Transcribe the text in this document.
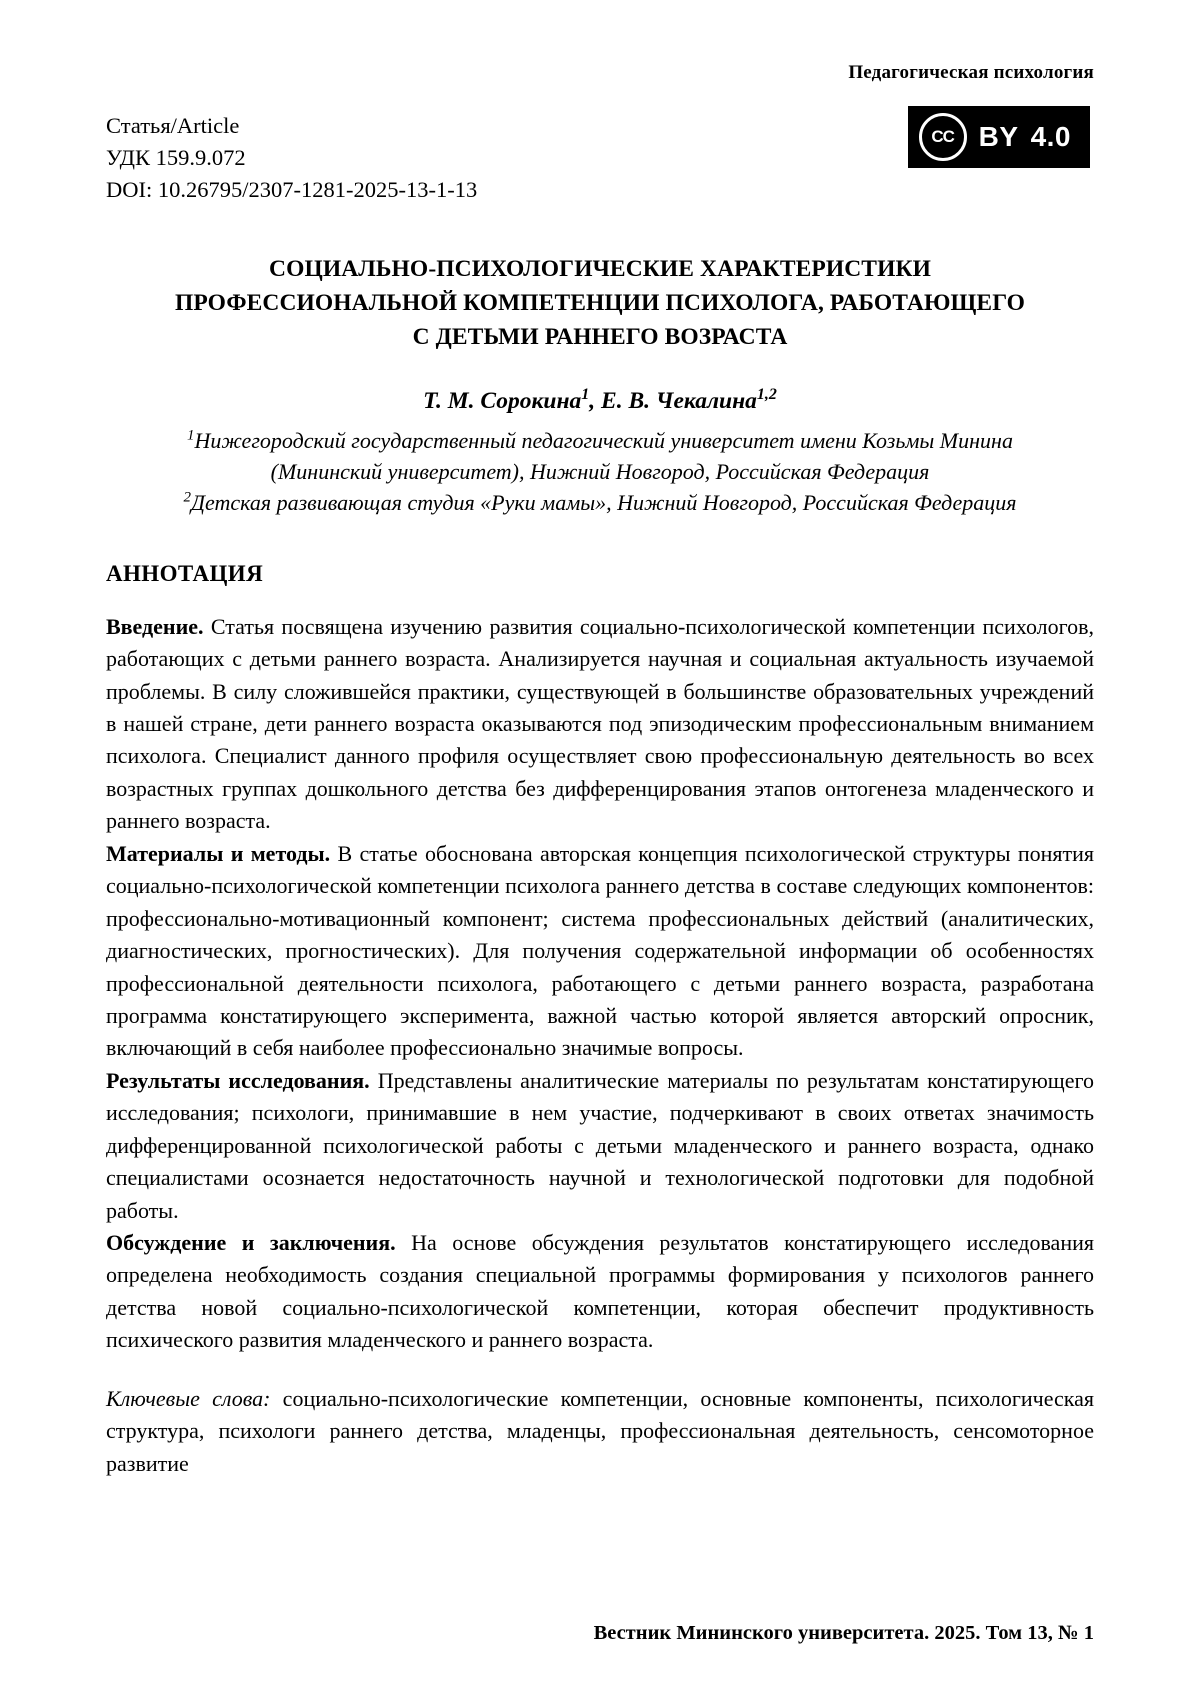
Педагогическая психология
Статья/Article
УДК 159.9.072
DOI: 10.26795/2307-1281-2025-13-1-13
CC BY 4.0
СОЦИАЛЬНО-ПСИХОЛОГИЧЕСКИЕ ХАРАКТЕРИСТИКИ
ПРОФЕССИОНАЛЬНОЙ КОМПЕТЕНЦИИ ПСИХОЛОГА, РАБОТАЮЩЕГО
С ДЕТЬМИ РАННЕГО ВОЗРАСТА
Т. М. Сорокина$^1$, Е. В. Чекалина$^{1,2}$
$^1$Нижегородский государственный педагогический университет имени Козьмы Минина
(Мининский университет), Нижний Новгород, Российская Федерация
$^2$Детская развивающая студия «Руки мамы», Нижний Новгород, Российская Федерация
АННОТАЦИЯ

Введение. Статья посвящена изучению развития социально-психологической компетенции психологов, работающих с детьми раннего возраста. Анализируется научная и социальная актуальность изучаемой проблемы. В силу сложившейся практики, существующей в большинстве образовательных учреждений в нашей стране, дети раннего возраста оказываются под эпизодическим профессиональным вниманием психолога. Специалист данного профиля осуществляет свою профессиональную деятельность во всех возрастных группах дошкольного детства без дифференцирования этапов онтогенеза младенческого и раннего возраста.

Материалы и методы. В статье обоснована авторская концепция психологической структуры понятия социально-психологической компетенции психолога раннего детства в составе следующих компонентов: профессионально-мотивационный компонент; система профессиональных действий (аналитических, диагностических, прогностических). Для получения содержательной информации об особенностях профессиональной деятельности психолога, работающего с детьми раннего возраста, разработана программа констатирующего эксперимента, важной частью которой является авторский опросник, включающий в себя наиболее профессионально значимые вопросы.

Результаты исследования. Представлены аналитические материалы по результатам констатирующего исследования; психологи, принимавшие в нем участие, подчеркивают в своих ответах значимость дифференцированной психологической работы с детьми младенческого и раннего возраста, однако специалистами осознается недостаточность научной и технологической подготовки для подобной работы.

Обсуждение и заключения. На основе обсуждения результатов констатирующего исследования определена необходимость создания специальной программы формирования у психологов раннего детства новой социально-психологической компетенции, которая обеспечит продуктивность психического развития младенческого и раннего возраста.

Ключевые слова: социально-психологические компетенции, основные компоненты, психологическая структура, психологи раннего детства, младенцы, профессиональная деятельность, сенсомоторное развитие
Вестник Мининского университета. 2025. Том 13, № 1
